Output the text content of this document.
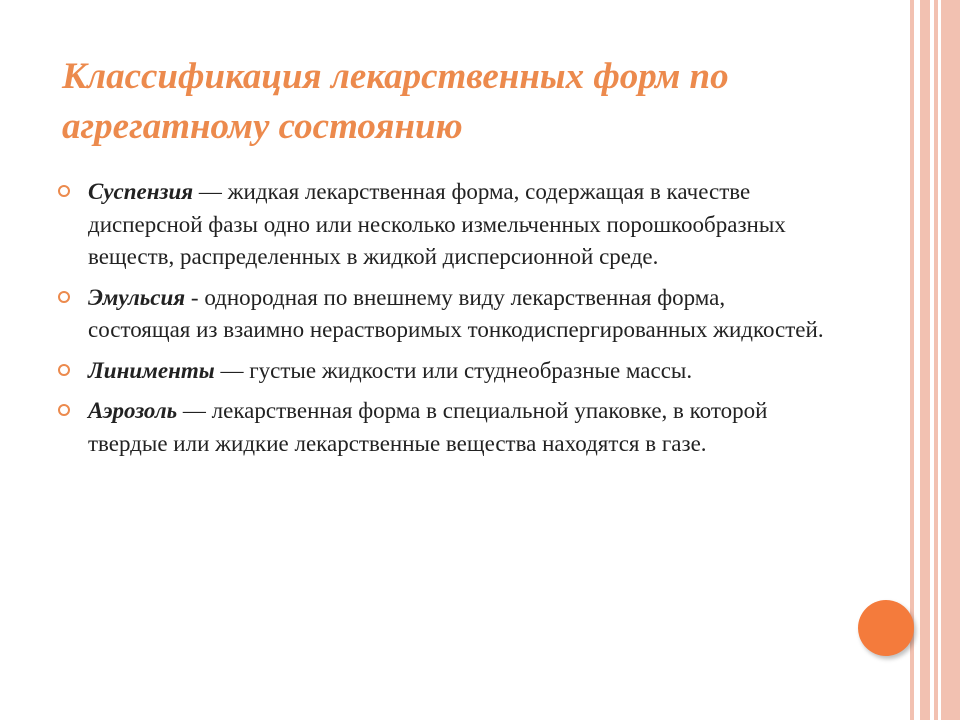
Классификация лекарственных форм по агрегатному состоянию
Суспензия — жидкая лекарственная форма, содержащая в качестве дисперсной фазы одно или несколько измельченных порошкообразных веществ, распределенных в жидкой дисперсионной среде.
Эмульсия - однородная по внешнему виду лекарственная форма, состоящая из взаимно нерастворимых тонкодиспергированных жидкостей.
Линименты — густые жидкости или студнеобразные массы.
Аэрозоль — лекарственная форма в специальной упаковке, в которой твердые или жидкие лекарственные вещества находятся в газе.
